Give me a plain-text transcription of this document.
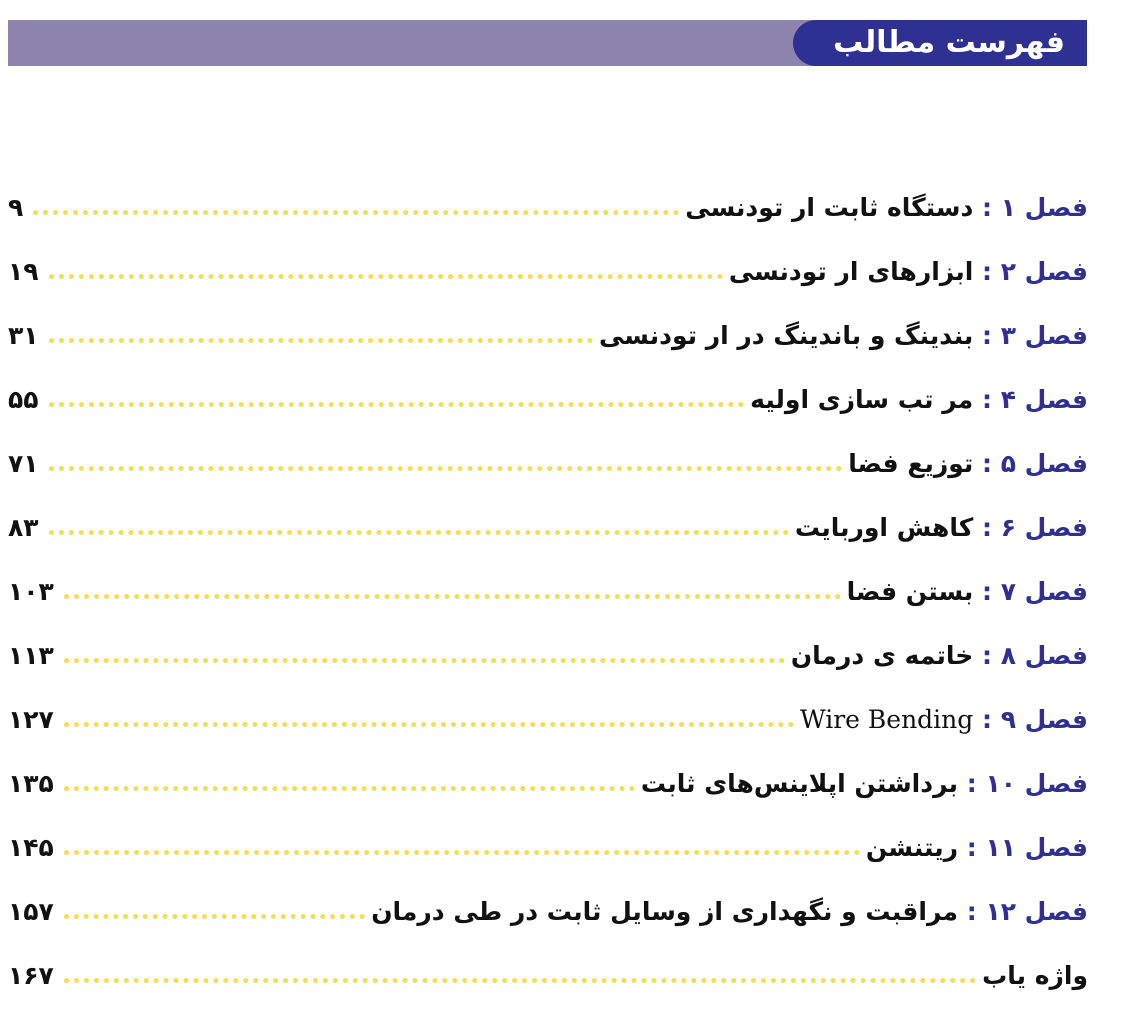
فهرست مطالب
۹	فصل ۱ : دستگاه ثابت ار تودنسی
۱۹	فصل ۲ : ابزارهای ار تودنسی
۳۱	فصل ۳ : بندینگ و باندینگ در ار تودنسی
۵۵	فصل ۴ : مر تب سازی اولیه
۷۱	فصل ۵ : توزیع فضا
۸۳	فصل ۶ : کاهش اوربایت
۱۰۳	فصل ۷ : بستن فضا
۱۱۳	فصل ۸ : خاتمه ی درمان
۱۲۷	فصل ۹ : Wire Bending
۱۳۵	فصل ۱۰ : برداشتن اپلاینس‌های ثابت
۱۴۵	فصل ۱۱ : ریتنشن
۱۵۷	فصل ۱۲ : مراقبت و نگهداری از وسایل ثابت در طی درمان
۱۶۷	واژه یاب
